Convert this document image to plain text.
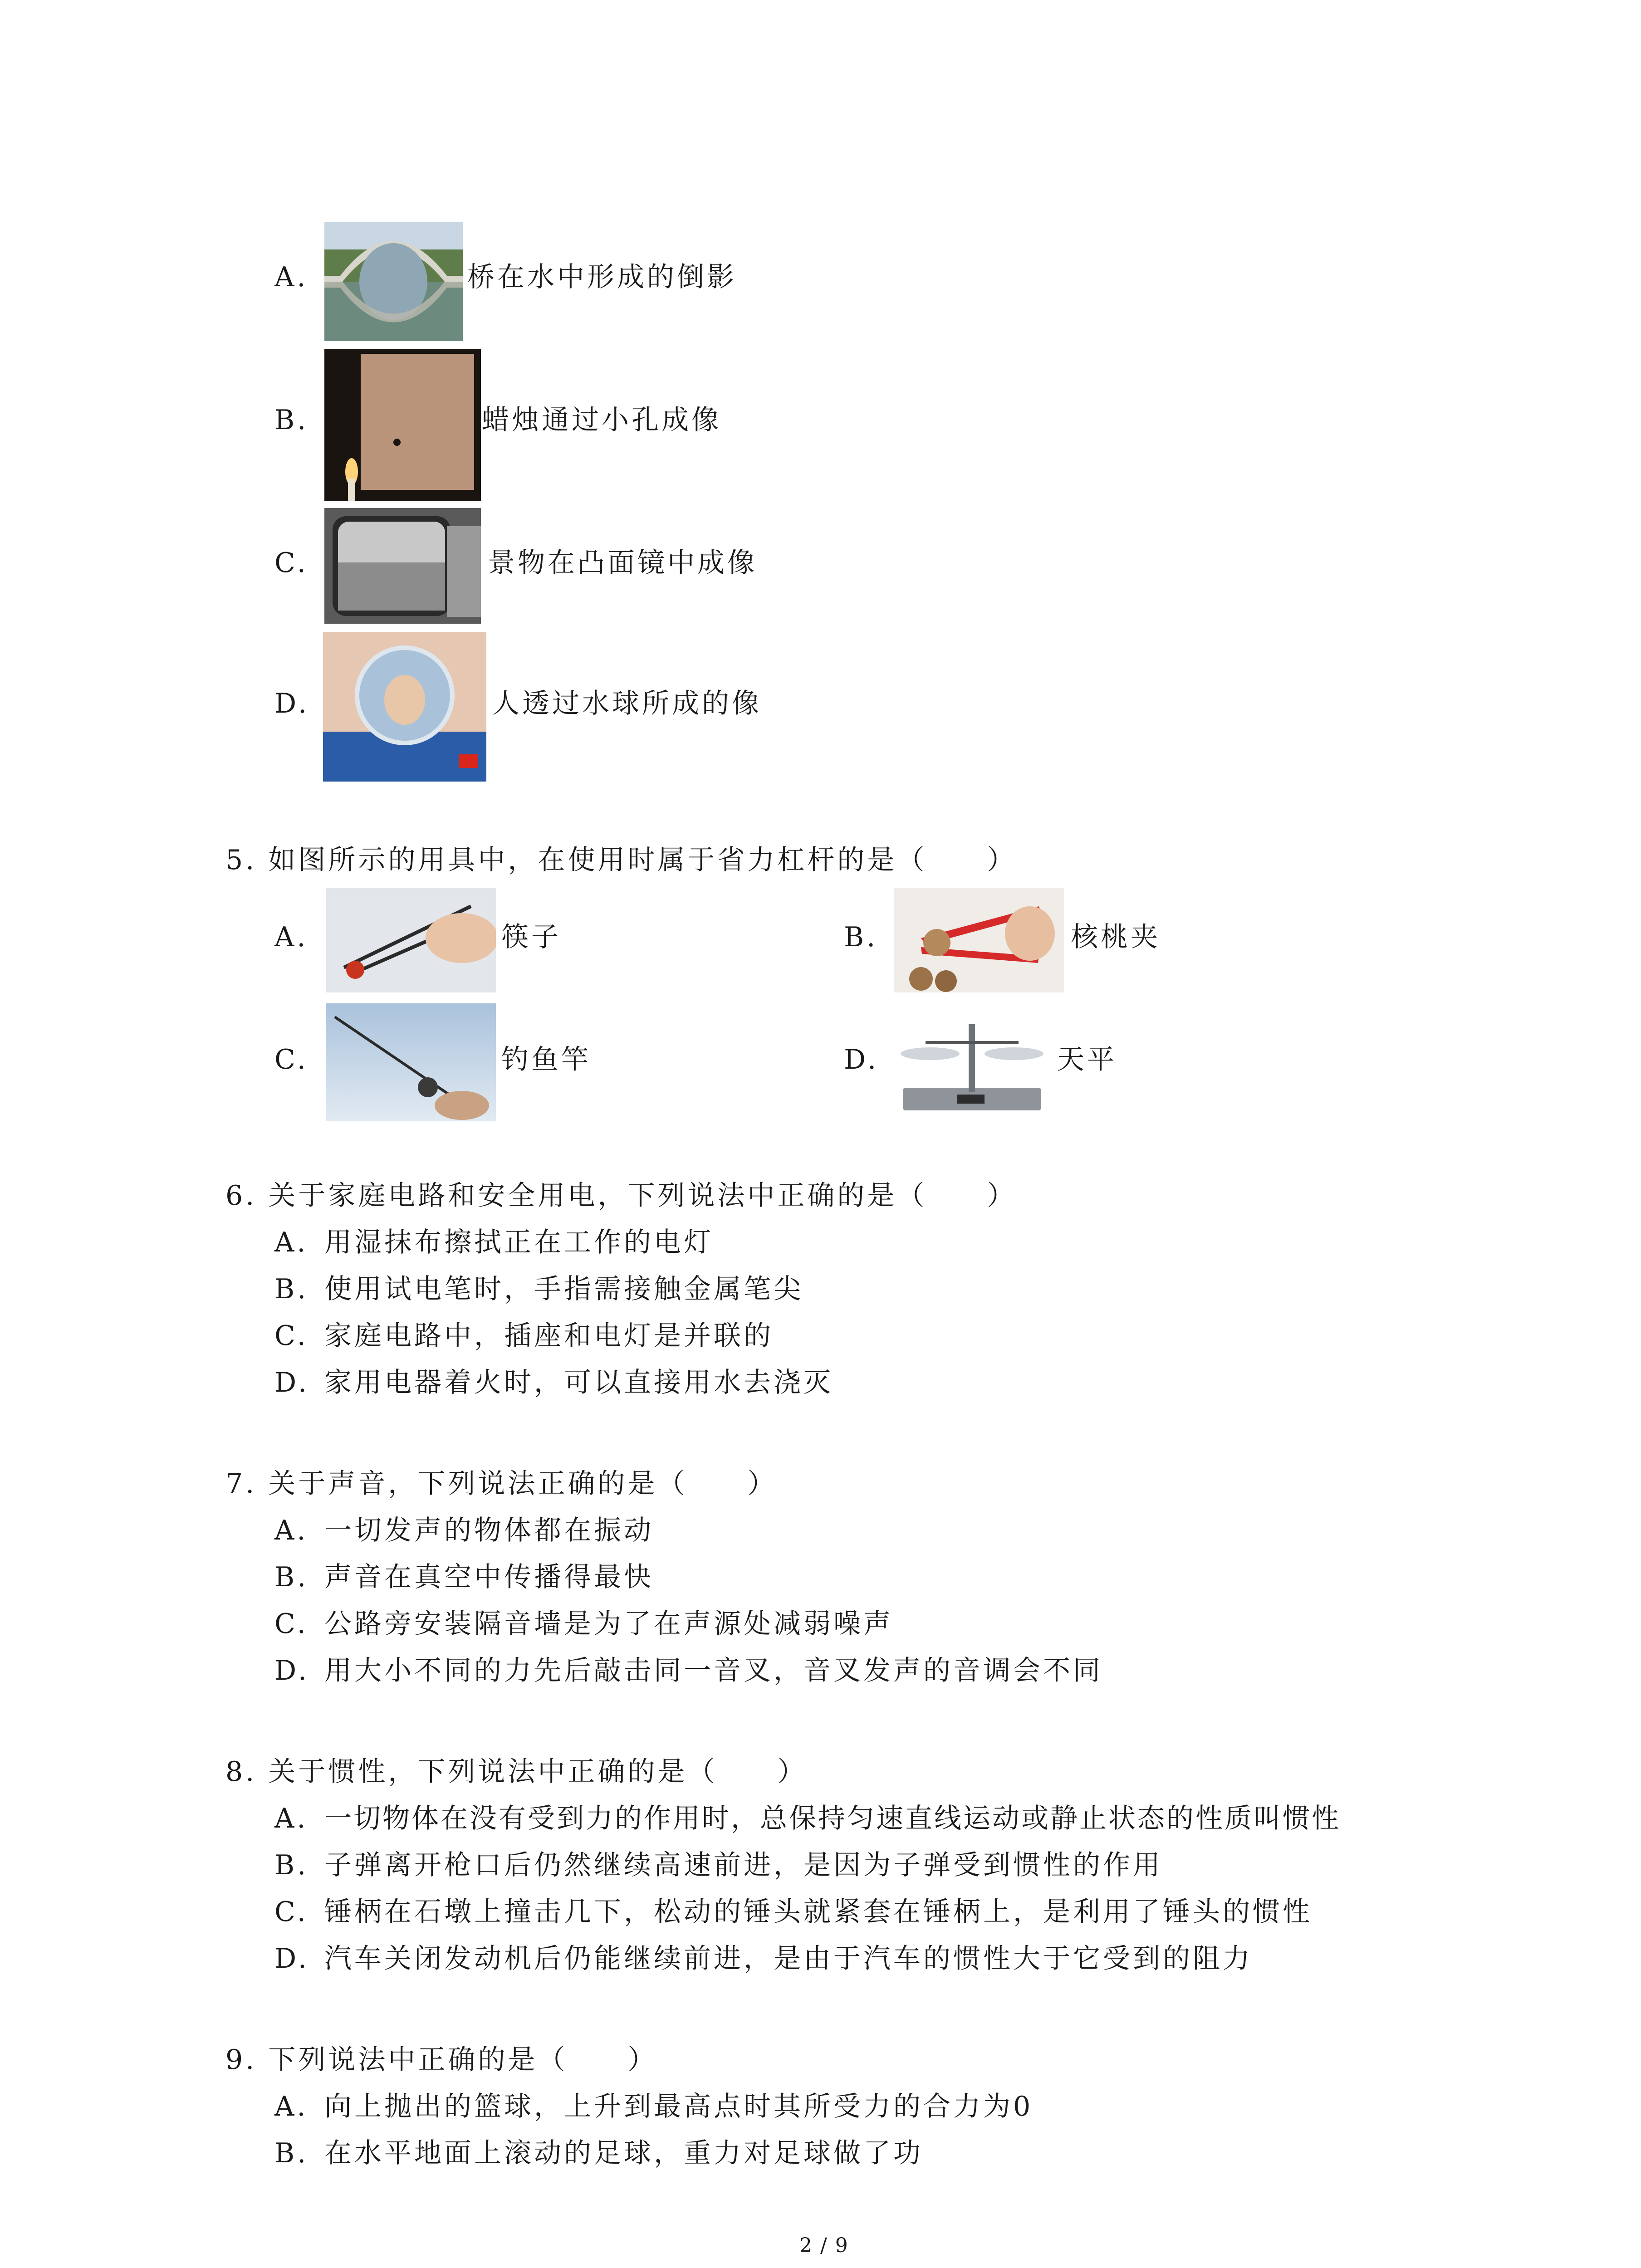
A.	桥在水中形成的倒影
B.	蜡烛通过小孔成像
C.	景物在凸面镜中成像
D.	人透过水球所成的像
5. 如图所示的用具中，在使用时属于省力杠杆的是（　　）
A.	筷子	B.	核桃夹
C.	钓鱼竿	D.	天平
6. 关于家庭电路和安全用电，下列说法中正确的是（　　）
A. 用湿抹布擦拭正在工作的电灯
B. 使用试电笔时，手指需接触金属笔尖
C. 家庭电路中，插座和电灯是并联的
D. 家用电器着火时，可以直接用水去浇灭
7. 关于声音，下列说法正确的是（　　）
A. 一切发声的物体都在振动
B. 声音在真空中传播得最快
C. 公路旁安装隔音墙是为了在声源处减弱噪声
D. 用大小不同的力先后敲击同一音叉，音叉发声的音调会不同
8. 关于惯性，下列说法中正确的是（　　）
A. 一切物体在没有受到力的作用时，总保持匀速直线运动或静止状态的性质叫惯性
B. 子弹离开枪口后仍然继续高速前进，是因为子弹受到惯性的作用
C. 锤柄在石墩上撞击几下，松动的锤头就紧套在锤柄上，是利用了锤头的惯性
D. 汽车关闭发动机后仍能继续前进，是由于汽车的惯性大于它受到的阻力
9. 下列说法中正确的是（　　）
A. 向上抛出的篮球，上升到最高点时其所受力的合力为0
B. 在水平地面上滚动的足球，重力对足球做了功
2 / 9
